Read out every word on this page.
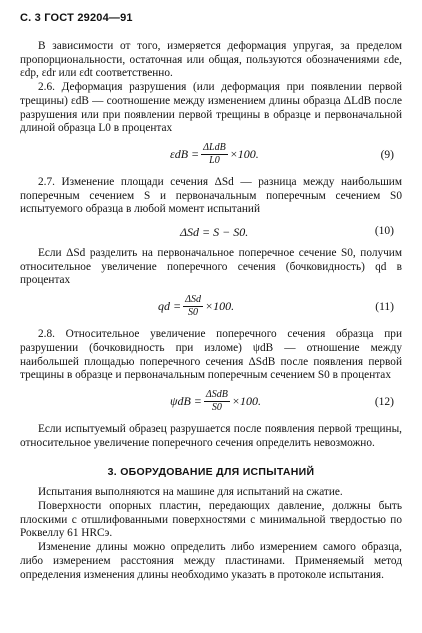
С. 3 ГОСТ 29204—91

В зависимости от того, измеряется деформация упругая, за пределом пропорциональности, остаточная или общая, пользуются обозначениями εde, εdp, εdr или εdt соответственно.

2.6. Деформация разрушения (или деформация при появлении первой трещины) εdB — соотношение между изменением длины образца ΔLdB после разрушения или при появлении первой трещины в образце и первоначальной длиной образца L0 в процентах

$\varepsilon dB = \frac{\text{ΔLdB}}{L0} \times 100$.	(9)

2.7. Изменение площади сечения ΔSd — разница между наибольшим поперечным сечением S и первоначальным поперечным сечением S0 испытуемого образца в любой момент испытаний

ΔSd = S − S0.	(10)

Если ΔSd разделить на первоначальное поперечное сечение S0, получим относительное увеличение поперечного сечения (бочковидность) qd в процентах

qd = $\frac{\text{ΔSd}}{S0} \times 100$.	(11)

2.8. Относительное увеличение поперечного сечения образца при разрушении (бочковидность при изломе) ψdB — отношение между наибольшей площадью поперечного сечения ΔSdB после появления первой трещины в образце и первоначальным поперечным сечением S0 в процентах

$\psi dB = \frac{\text{ΔSdB}}{S0} \times 100$.	(12)

Если испытуемый образец разрушается после появления первой трещины, относительное увеличение поперечного сечения определить невозможно.

3. ОБОРУДОВАНИЕ ДЛЯ ИСПЫТАНИЙ

Испытания выполняются на машине для испытаний на сжатие.

Поверхности опорных пластин, передающих давление, должны быть плоскими с отшлифованными поверхностями с минимальной твердостью по Роквеллу 61 HRCэ.

Изменение длины можно определить либо измерением самого образца, либо измерением расстояния между пластинами. Применяемый метод определения изменения длины необходимо указать в протоколе испытания.
